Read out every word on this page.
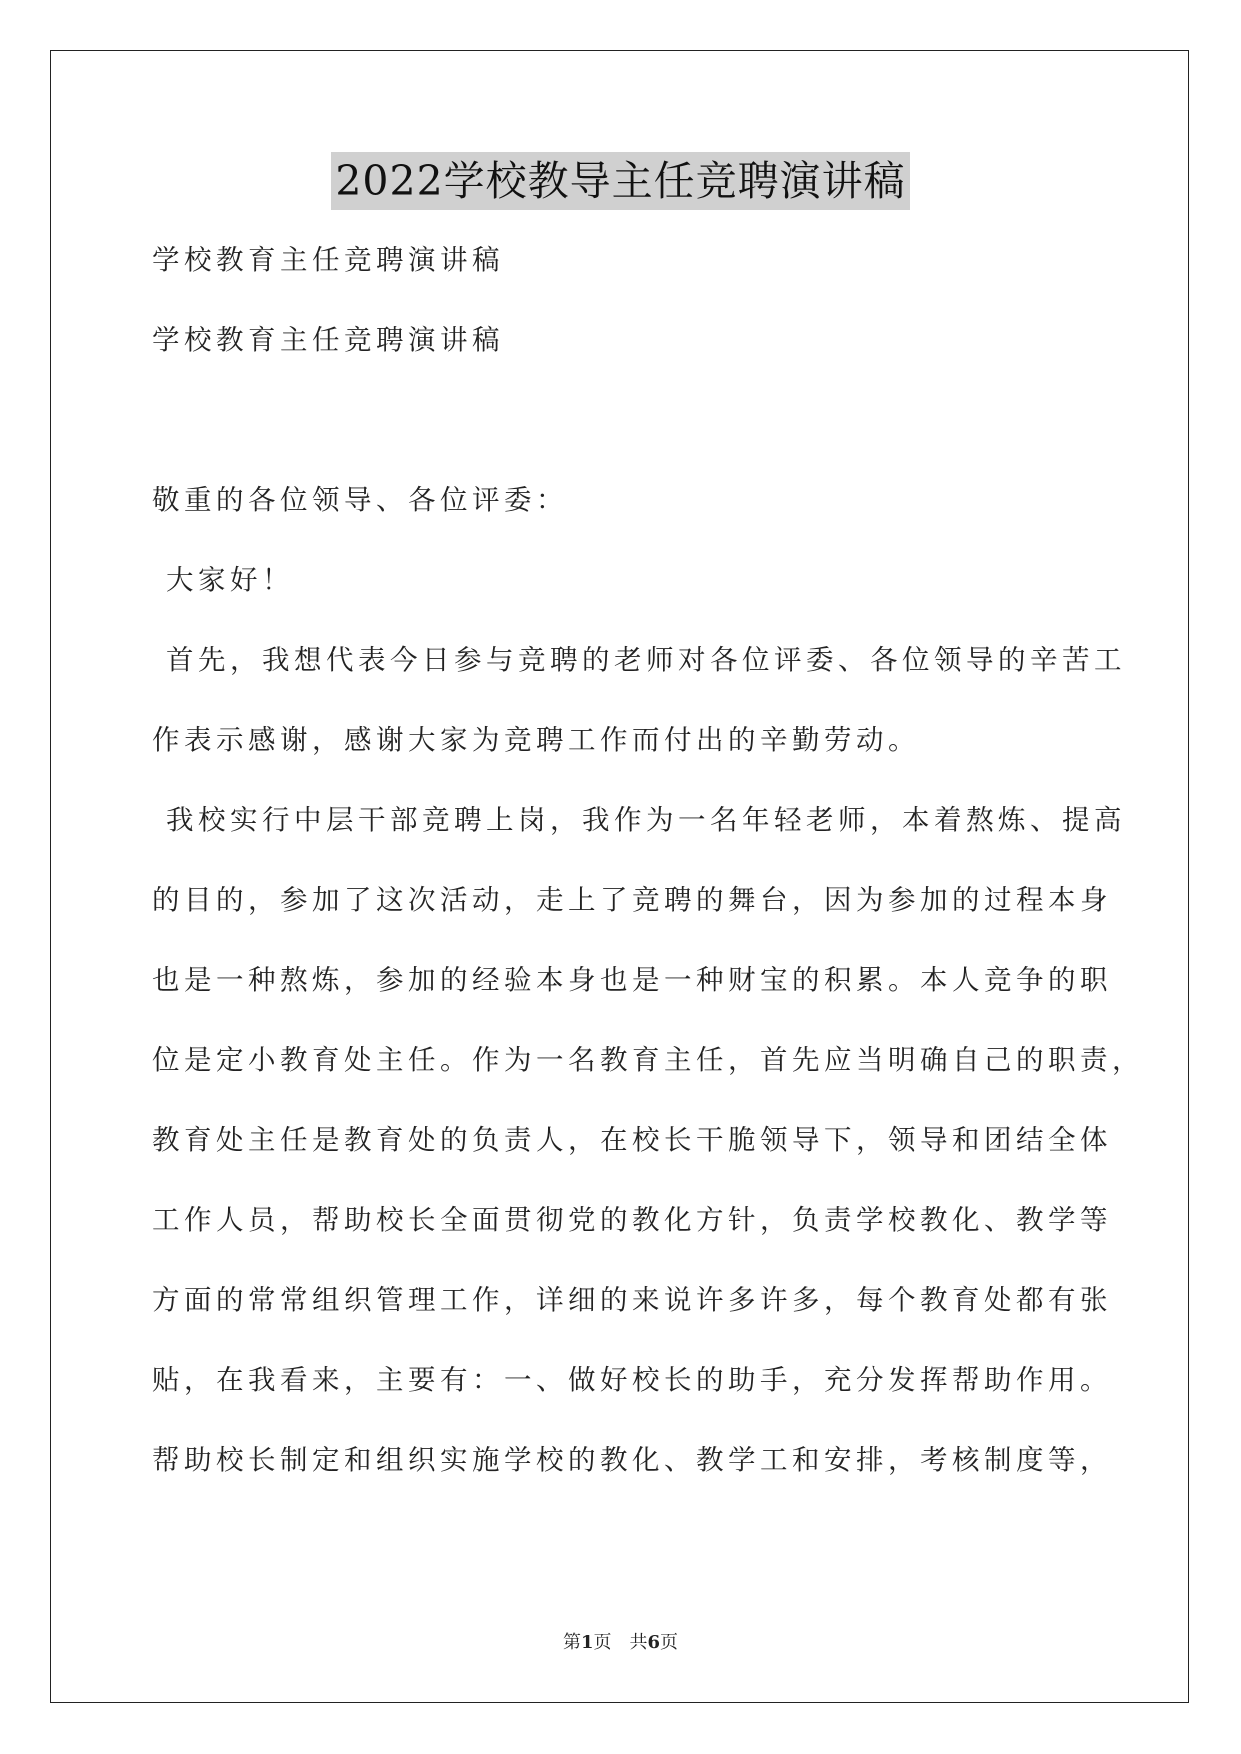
2022学校教导主任竞聘演讲稿
学校教育主任竞聘演讲稿
学校教育主任竞聘演讲稿
敬重的各位领导、各位评委：
大家好！
首先，我想代表今日参与竞聘的老师对各位评委、各位领导的辛苦工
作表示感谢，感谢大家为竞聘工作而付出的辛勤劳动。
我校实行中层干部竞聘上岗，我作为一名年轻老师，本着熬炼、提高
的目的，参加了这次活动，走上了竞聘的舞台，因为参加的过程本身
也是一种熬炼，参加的经验本身也是一种财宝的积累。本人竞争的职
位是定小教育处主任。作为一名教育主任，首先应当明确自己的职责，
教育处主任是教育处的负责人，在校长干脆领导下，领导和团结全体
工作人员，帮助校长全面贯彻党的教化方针，负责学校教化、教学等
方面的常常组织管理工作，详细的来说许多许多，每个教育处都有张
贴，在我看来，主要有：一、做好校长的助手，充分发挥帮助作用。
帮助校长制定和组织实施学校的教化、教学工和安排，考核制度等，
第1页　共6页
